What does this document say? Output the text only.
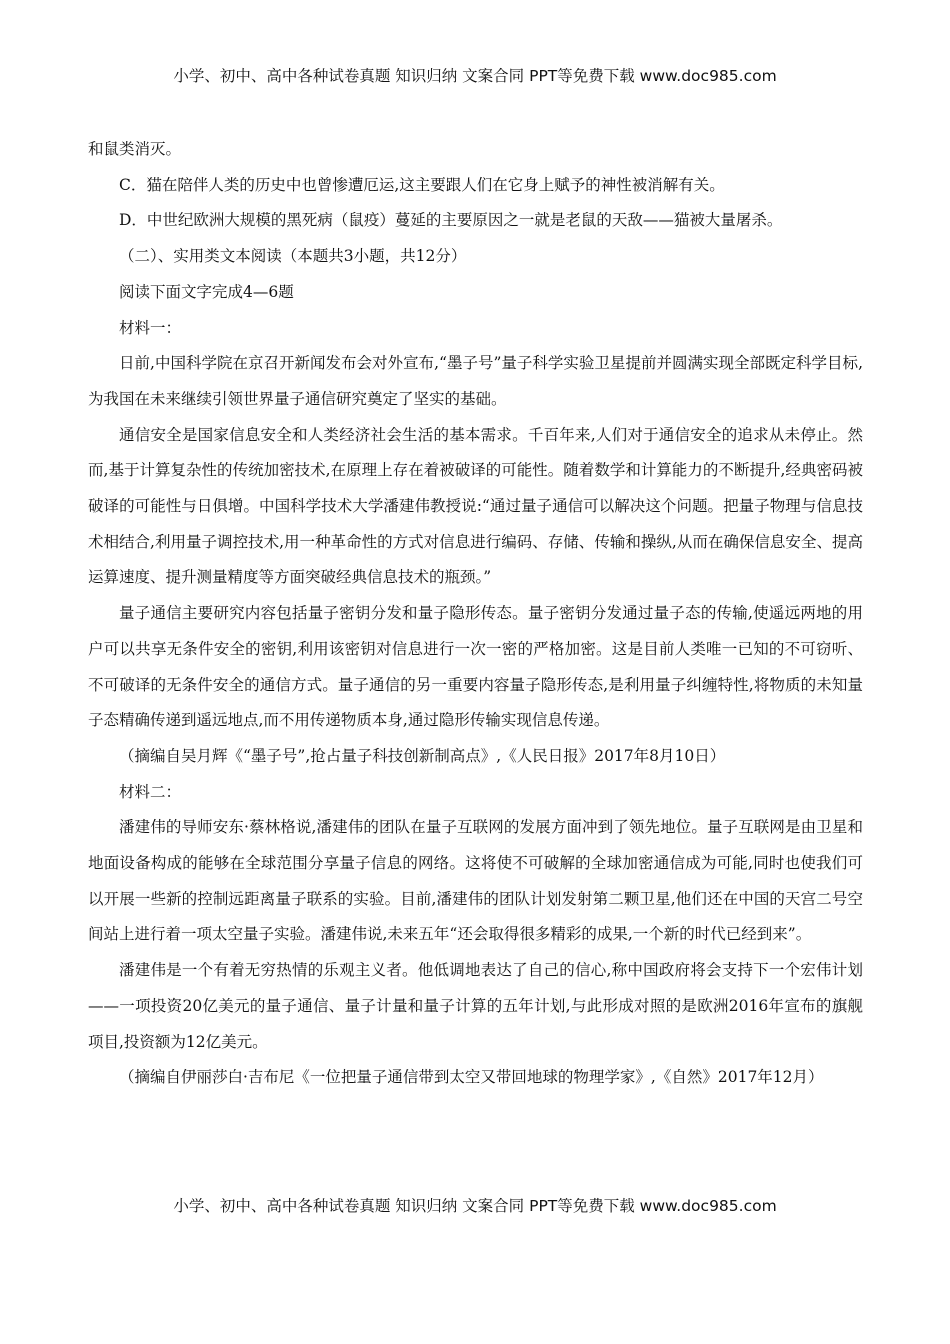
小学、初中、高中各种试卷真题 知识归纳 文案合同 PPT等免费下载 www.doc985.com

和鼠类消灭。

C．猫在陪伴人类的历史中也曾惨遭厄运,这主要跟人们在它身上赋予的神性被消解有关。

D．中世纪欧洲大规模的黑死病（鼠疫）蔓延的主要原因之一就是老鼠的天敌——猫被大量屠杀。

（二）、实用类文本阅读（本题共3小题，共12分）

阅读下面文字完成4—6题

材料一：

日前,中国科学院在京召开新闻发布会对外宣布,“墨子号”量子科学实验卫星提前并圆满实现全部既定科学目标,为我国在未来继续引领世界量子通信研究奠定了坚实的基础。

通信安全是国家信息安全和人类经济社会生活的基本需求。千百年来,人们对于通信安全的追求从未停止。然而,基于计算复杂性的传统加密技术,在原理上存在着被破译的可能性。随着数学和计算能力的不断提升,经典密码被破译的可能性与日俱增。中国科学技术大学潘建伟教授说:“通过量子通信可以解决这个问题。把量子物理与信息技术相结合,利用量子调控技术,用一种革命性的方式对信息进行编码、存储、传输和操纵,从而在确保信息安全、提高运算速度、提升测量精度等方面突破经典信息技术的瓶颈。”

量子通信主要研究内容包括量子密钥分发和量子隐形传态。量子密钥分发通过量子态的传输,使遥远两地的用户可以共享无条件安全的密钥,利用该密钥对信息进行一次一密的严格加密。这是目前人类唯一已知的不可窃听、不可破译的无条件安全的通信方式。量子通信的另一重要内容量子隐形传态,是利用量子纠缠特性,将物质的未知量子态精确传递到遥远地点,而不用传递物质本身,通过隐形传输实现信息传递。

（摘编自吴月辉《“墨子号”,抢占量子科技创新制高点》,《人民日报》2017年8月10日）

材料二：

潘建伟的导师安东·蔡林格说,潘建伟的团队在量子互联网的发展方面冲到了领先地位。量子互联网是由卫星和地面设备构成的能够在全球范围分享量子信息的网络。这将使不可破解的全球加密通信成为可能,同时也使我们可以开展一些新的控制远距离量子联系的实验。目前,潘建伟的团队计划发射第二颗卫星,他们还在中国的天宫二号空间站上进行着一项太空量子实验。潘建伟说,未来五年“还会取得很多精彩的成果,一个新的时代已经到来”。

潘建伟是一个有着无穷热情的乐观主义者。他低调地表达了自己的信心,称中国政府将会支持下一个宏伟计划——一项投资20亿美元的量子通信、量子计量和量子计算的五年计划,与此形成对照的是欧洲2016年宣布的旗舰项目,投资额为12亿美元。

（摘编自伊丽莎白·吉布尼《一位把量子通信带到太空又带回地球的物理学家》,《自然》2017年12月）

小学、初中、高中各种试卷真题 知识归纳 文案合同 PPT等免费下载 www.doc985.com
